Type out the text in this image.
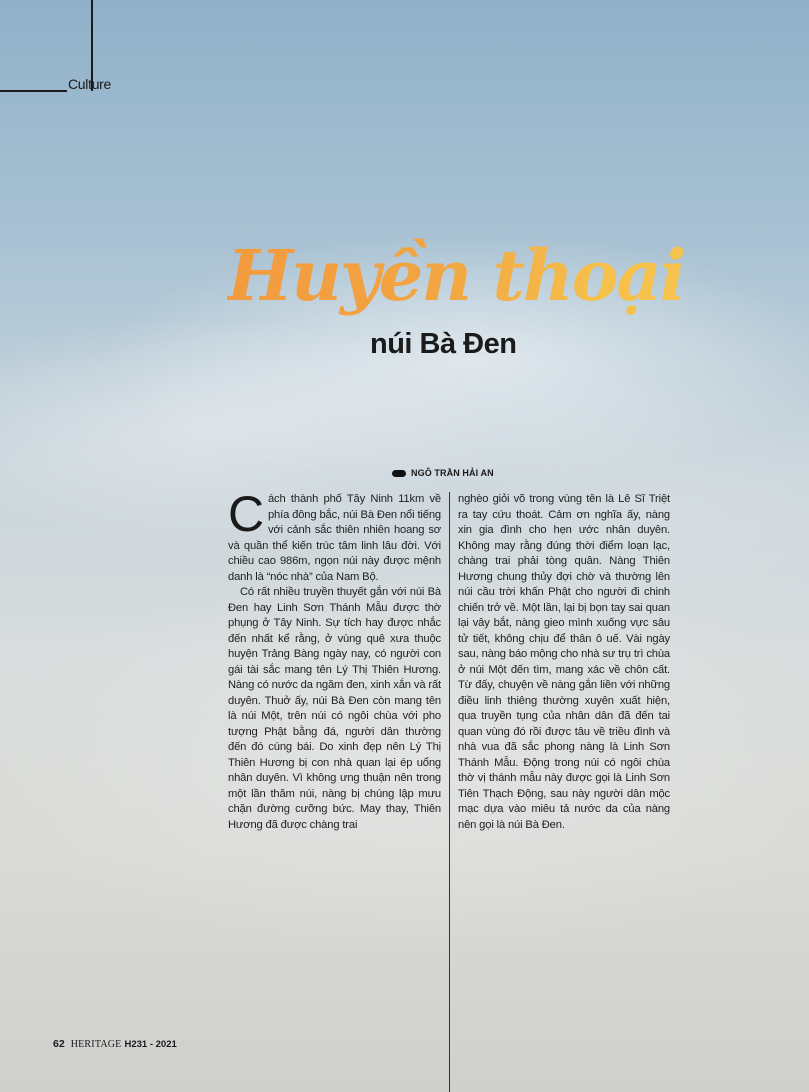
Culture
Huyền thoại
núi Bà Đen
NGÔ TRẦN HẢI AN

Cách thành phố Tây Ninh 11km về phía đông bắc, núi Bà Đen nổi tiếng với cảnh sắc thiên nhiên hoang sơ và quần thể kiến trúc tâm linh lâu đời. Với chiều cao 986m, ngọn núi này được mệnh danh là “nóc nhà” của Nam Bộ.

Có rất nhiều truyền thuyết gắn với núi Bà Đen hay Linh Sơn Thánh Mẫu được thờ phụng ở Tây Ninh. Sự tích hay được nhắc đến nhất kể rằng, ở vùng quê xưa thuộc huyện Trảng Bàng ngày nay, có người con gái tài sắc mang tên Lý Thị Thiên Hương. Nàng có nước da ngăm đen, xinh xắn và rất duyên. Thuở ấy, núi Bà Đen còn mang tên là núi Một, trên núi có ngôi chùa với pho tượng Phật bằng đá, người dân thường đến đó cúng bái. Do xinh đẹp nên Lý Thị Thiên Hương bị con nhà quan lại ép uổng nhân duyên. Vì không ưng thuận nên trong một lần thăm núi, nàng bị chúng lập mưu chặn đường cưỡng bức. May thay, Thiên Hương đã được chàng trai

nghèo giỏi võ trong vùng tên là Lê Sĩ Triệt ra tay cứu thoát. Cảm ơn nghĩa ấy, nàng xin gia đình cho hẹn ước nhân duyên. Không may rằng đúng thời điểm loạn lạc, chàng trai phải tòng quân. Nàng Thiên Hương chung thủy đợi chờ và thường lên núi cầu trời khấn Phật cho người đi chinh chiến trở về. Một lần, lại bị bọn tay sai quan lại vây bắt, nàng gieo mình xuống vực sâu tử tiết, không chịu để thân ô uế. Vài ngày sau, nàng báo mộng cho nhà sư trụ trì chùa ở núi Một đến tìm, mang xác về chôn cất. Từ đấy, chuyện về nàng gắn liền với những điều linh thiêng thường xuyên xuất hiện, qua truyền tụng của nhân dân đã đến tai quan vùng đó rồi được tâu về triều đình và nhà vua đã sắc phong nàng là Linh Sơn Thánh Mẫu. Động trong núi có ngôi chùa thờ vị thánh mẫu này được gọi là Linh Sơn Tiên Thạch Động, sau này người dân mộc mạc dựa vào miêu tả nước da của nàng nên gọi là núi Bà Đen.

62 HERITAGE H231 - 2021
